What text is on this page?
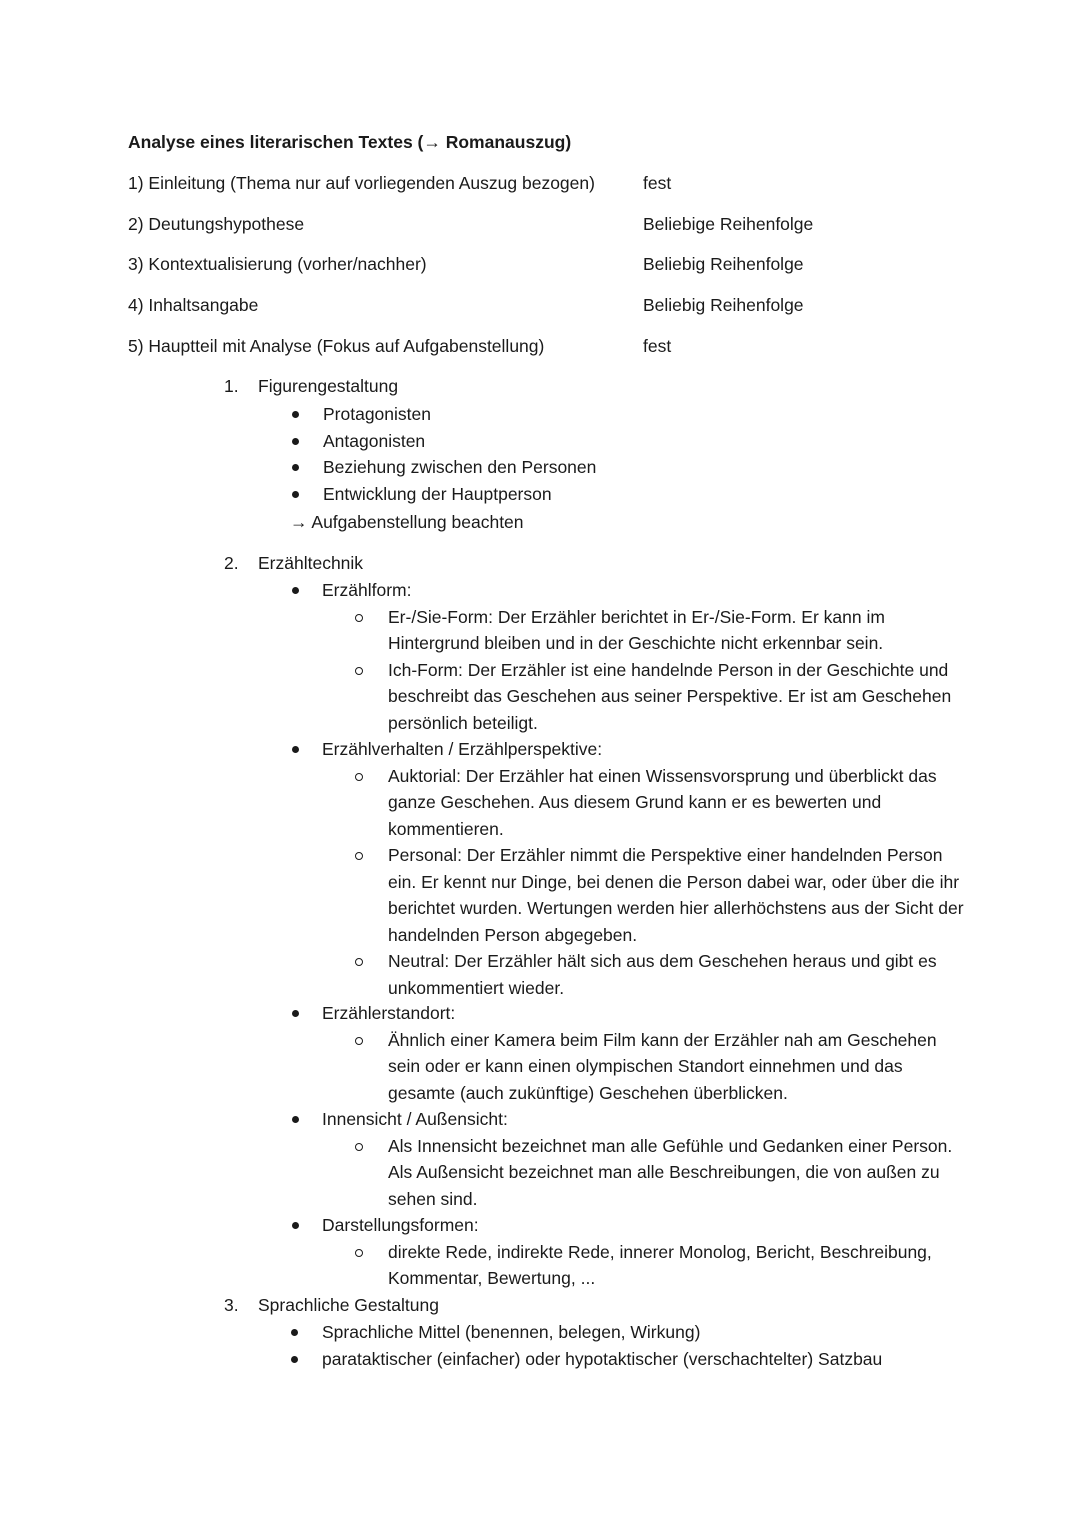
Analyse eines literarischen Textes (→ Romanauszug)
1) Einleitung (Thema nur auf vorliegenden Auszug bezogen)	fest
2) Deutungshypothese	Beliebige Reihenfolge
3) Kontextualisierung (vorher/nachher)	Beliebig Reihenfolge
4) Inhaltsangabe	Beliebig Reihenfolge
5) Hauptteil mit Analyse (Fokus auf Aufgabenstellung)	fest
1. Figurengestaltung
Protagonisten
Antagonisten
Beziehung zwischen den Personen
Entwicklung der Hauptperson
→ Aufgabenstellung beachten
2. Erzähltechnik
Erzählform:
Er-/Sie-Form: Der Erzähler berichtet in Er-/Sie-Form. Er kann im Hintergrund bleiben und in der Geschichte nicht erkennbar sein.
Ich-Form: Der Erzähler ist eine handelnde Person in der Geschichte und beschreibt das Geschehen aus seiner Perspektive. Er ist am Geschehen persönlich beteiligt.
Erzählverhalten / Erzählperspektive:
Auktorial: Der Erzähler hat einen Wissensvorsprung und überblickt das ganze Geschehen. Aus diesem Grund kann er es bewerten und kommentieren.
Personal: Der Erzähler nimmt die Perspektive einer handelnden Person ein. Er kennt nur Dinge, bei denen die Person dabei war, oder über die ihr berichtet wurden. Wertungen werden hier allerhöchstens aus der Sicht der handelnden Person abgegeben.
Neutral: Der Erzähler hält sich aus dem Geschehen heraus und gibt es unkommentiert wieder.
Erzählerstandort:
Ähnlich einer Kamera beim Film kann der Erzähler nah am Geschehen sein oder er kann einen olympischen Standort einnehmen und das gesamte (auch zukünftige) Geschehen überblicken.
Innensicht / Außensicht:
Als Innensicht bezeichnet man alle Gefühle und Gedanken einer Person. Als Außensicht bezeichnet man alle Beschreibungen, die von außen zu sehen sind.
Darstellungsformen:
direkte Rede, indirekte Rede, innerer Monolog, Bericht, Beschreibung, Kommentar, Bewertung, ...
3. Sprachliche Gestaltung
Sprachliche Mittel (benennen, belegen, Wirkung)
parataktischer (einfacher) oder hypotaktischer (verschachtelter) Satzbau
